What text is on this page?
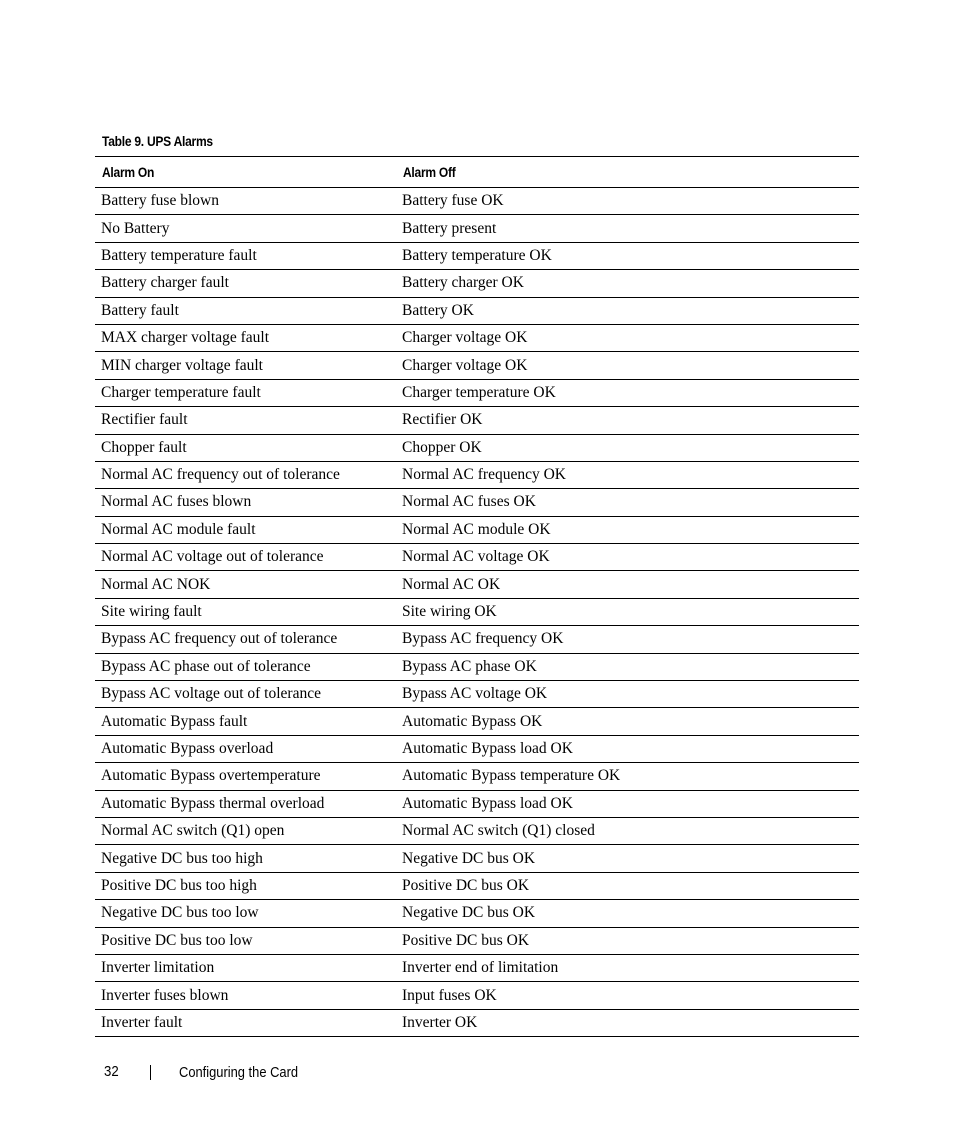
Table 9. UPS Alarms
Alarm On	Alarm Off
Battery fuse blown	Battery fuse OK
No Battery	Battery present
Battery temperature fault	Battery temperature OK
Battery charger fault	Battery charger OK
Battery fault	Battery OK
MAX charger voltage fault	Charger voltage OK
MIN charger voltage fault	Charger voltage OK
Charger temperature fault	Charger temperature OK
Rectifier fault	Rectifier OK
Chopper fault	Chopper OK
Normal AC frequency out of tolerance	Normal AC frequency OK
Normal AC fuses blown	Normal AC fuses OK
Normal AC module fault	Normal AC module OK
Normal AC voltage out of tolerance	Normal AC voltage OK
Normal AC NOK	Normal AC OK
Site wiring fault	Site wiring OK
Bypass AC frequency out of tolerance	Bypass AC frequency OK
Bypass AC phase out of tolerance	Bypass AC phase OK
Bypass AC voltage out of tolerance	Bypass AC voltage OK
Automatic Bypass fault	Automatic Bypass OK
Automatic Bypass overload	Automatic Bypass load OK
Automatic Bypass overtemperature	Automatic Bypass temperature OK
Automatic Bypass thermal overload	Automatic Bypass load OK
Normal AC switch (Q1) open	Normal AC switch (Q1) closed
Negative DC bus too high	Negative DC bus OK
Positive DC bus too high	Positive DC bus OK
Negative DC bus too low	Negative DC bus OK
Positive DC bus too low	Positive DC bus OK
Inverter limitation	Inverter end of limitation
Inverter fuses blown	Input fuses OK
Inverter fault	Inverter OK
32	Configuring the Card
